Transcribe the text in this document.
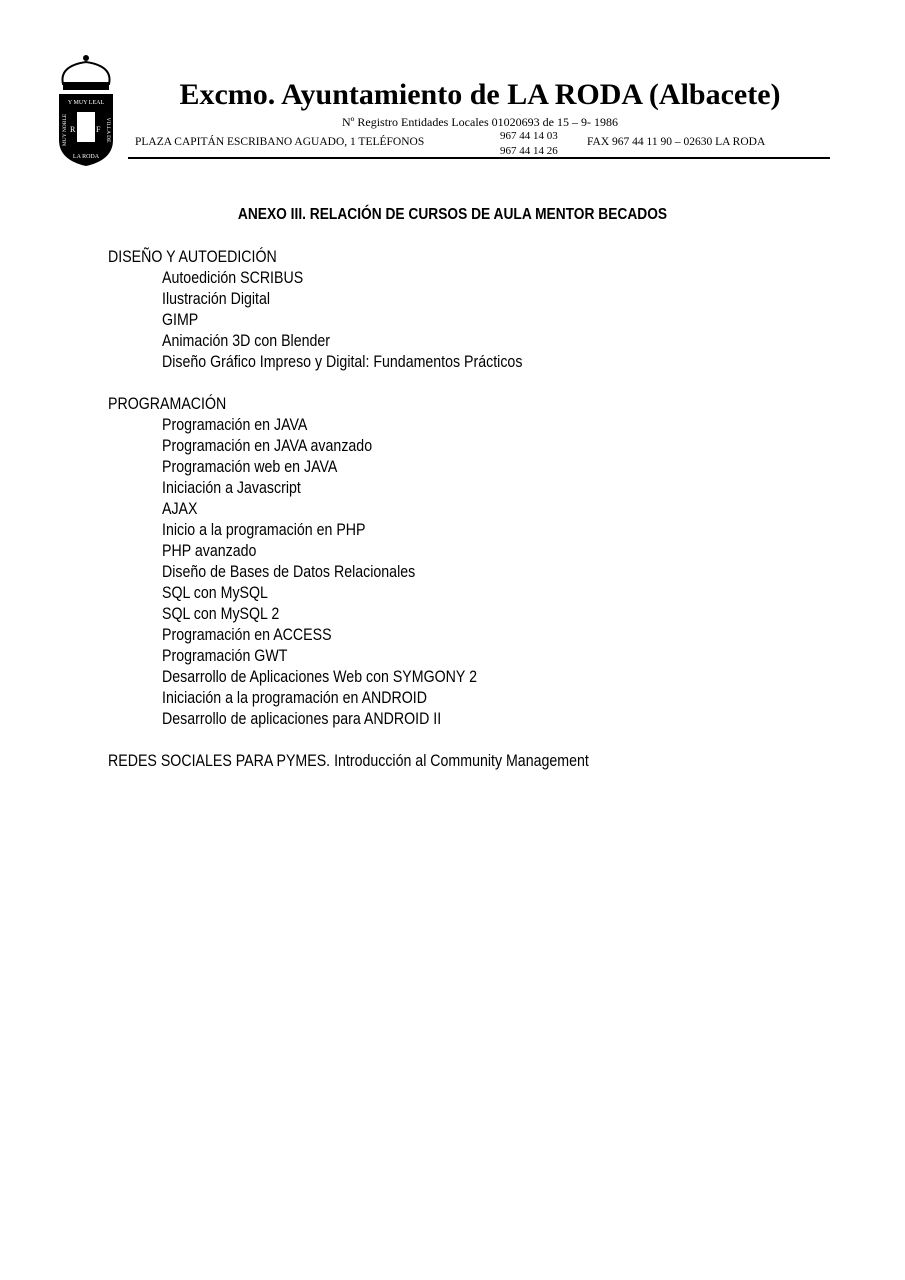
Y MUY LEAL
MUY NOBLE	VILLA DE
R	F
LA RODA
Excmo. Ayuntamiento de LA RODA (Albacete)
Nº Registro Entidades Locales 01020693 de 15 – 9- 1986
PLAZA CAPITÁN ESCRIBANO AGUADO, 1 TELÉFONOS	967 44 14 03
967 44 14 26
FAX 967 44 11 90 – 02630 LA RODA
ANEXO III. RELACIÓN DE CURSOS DE AULA MENTOR BECADOS
DISEÑO Y AUTOEDICIÓN
Autoedición SCRIBUS
Ilustración Digital
GIMP
Animación 3D con Blender
Diseño Gráfico Impreso y Digital: Fundamentos Prácticos
PROGRAMACIÓN
Programación en JAVA
Programación en JAVA avanzado
Programación web en JAVA
Iniciación a Javascript
AJAX
Inicio a la programación en PHP
PHP avanzado
Diseño de Bases de Datos Relacionales
SQL con MySQL
SQL con MySQL 2
Programación en ACCESS
Programación GWT
Desarrollo de Aplicaciones Web con SYMGONY 2
Iniciación a la programación en ANDROID
Desarrollo de aplicaciones para ANDROID II
REDES SOCIALES PARA PYMES. Introducción al Community Management
